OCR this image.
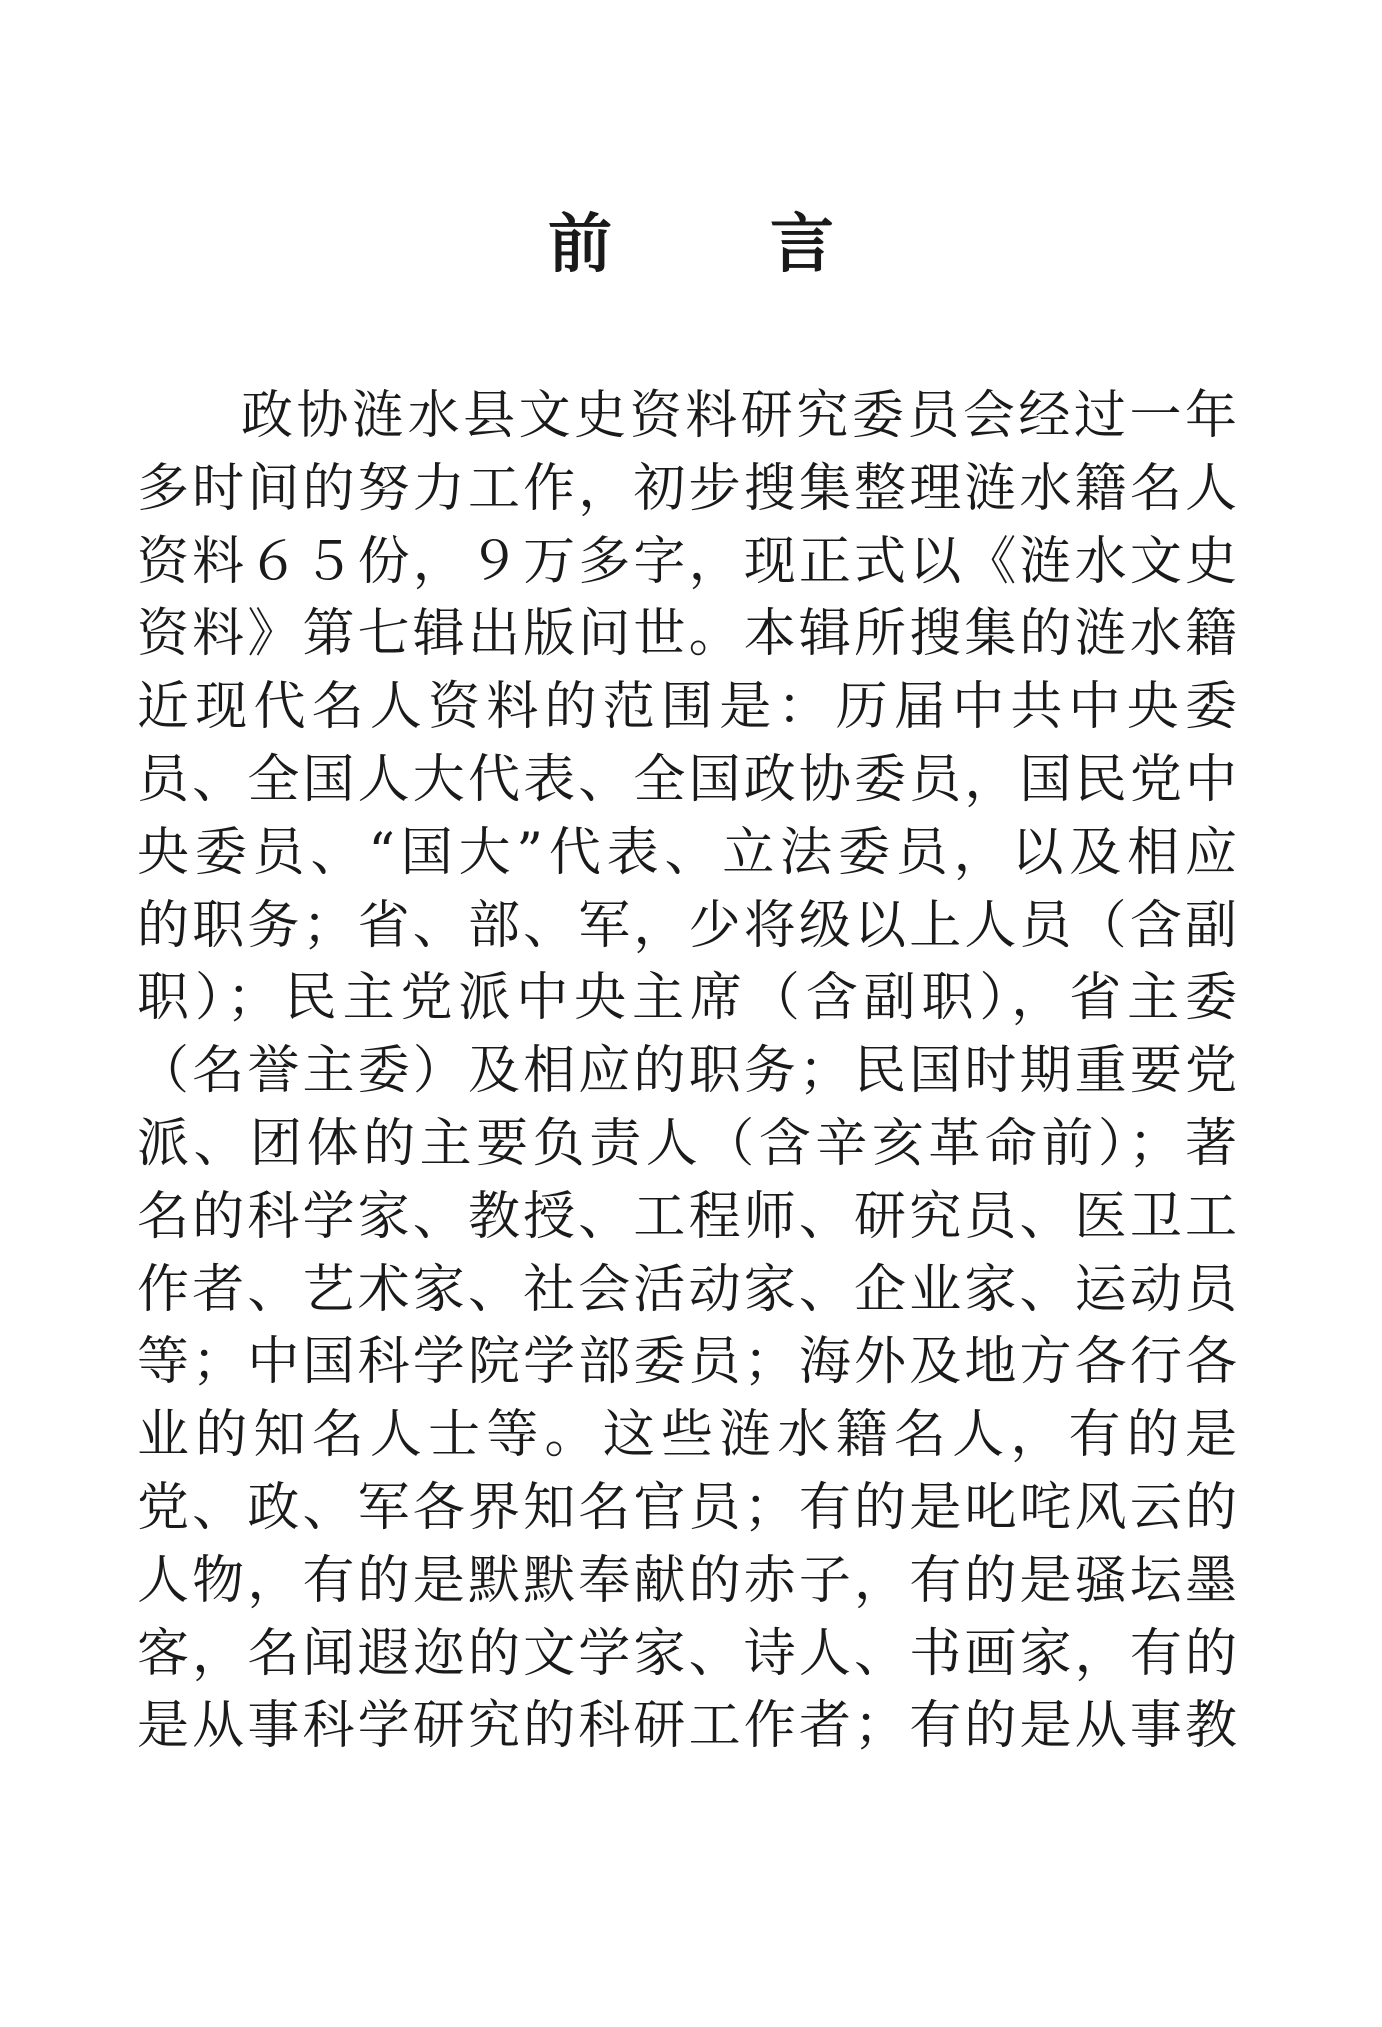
前 言
政协涟水县文史资料研究委员会经过一年
多时间的努力工作，初步搜集整理涟水籍名人
资料６５份，９万多字，现正式以《涟水文史
资料》第七辑出版问世。本辑所搜集的涟水籍
近现代名人资料的范围是：历届中共中央委
员、全国人大代表、全国政协委员，国民党中
央委员、“国大”代表、立法委员，以及相应
的职务；省、部、军，少将级以上人员（含副
职）；民主党派中央主席（含副职），省主委
（名誉主委）及相应的职务；民国时期重要党
派、团体的主要负责人（含辛亥革命前）；著
名的科学家、教授、工程师、研究员、医卫工
作者、艺术家、社会活动家、企业家、运动员
等；中国科学院学部委员；海外及地方各行各
业的知名人士等。这些涟水籍名人，有的是
党、政、军各界知名官员；有的是叱咤风云的
人物，有的是默默奉献的赤子，有的是骚坛墨
客，名闻遐迩的文学家、诗人、书画家，有的
是从事科学研究的科研工作者；有的是从事教
